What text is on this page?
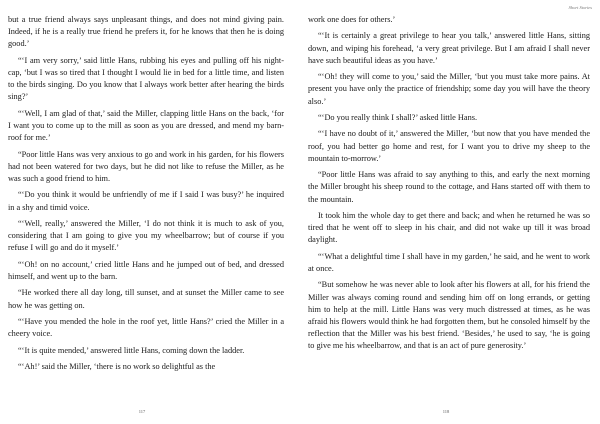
but a true friend always says unpleasant things, and does not mind giving pain. Indeed, if he is a really true friend he prefers it, for he knows that then he is doing good.’

“‘I am very sorry,’ said little Hans, rubbing his eyes and pulling off his night-cap, ‘but I was so tired that I thought I would lie in bed for a little time, and listen to the birds singing. Do you know that I always work better after hearing the birds sing?’

“‘Well, I am glad of that,’ said the Miller, clapping little Hans on the back, ‘for I want you to come up to the mill as soon as you are dressed, and mend my barn-roof for me.’

“Poor little Hans was very anxious to go and work in his garden, for his flowers had not been watered for two days, but he did not like to refuse the Miller, as he was such a good friend to him.

“‘Do you think it would be unfriendly of me if I said I was busy?’ he inquired in a shy and timid voice.

“‘Well, really,’ answered the Miller, ‘I do not think it is much to ask of you, considering that I am going to give you my wheelbarrow; but of course if you refuse I will go and do it myself.’

“‘Oh! on no account,’ cried little Hans and he jumped out of bed, and dressed himself, and went up to the barn.

“He worked there all day long, till sunset, and at sunset the Miller came to see how he was getting on.

“‘Have you mended the hole in the roof yet, little Hans?’ cried the Miller in a cheery voice.

“‘It is quite mended,’ answered little Hans, coming down the ladder.

“‘Ah!’ said the Miller, ‘there is no work so delightful as the

117
Short Stories

work one does for others.’

“‘It is certainly a great privilege to hear you talk,’ answered little Hans, sitting down, and wiping his forehead, ‘a very great privilege. But I am afraid I shall never have such beautiful ideas as you have.’

“‘Oh! they will come to you,’ said the Miller, ‘but you must take more pains. At present you have only the practice of friendship; some day you will have the theory also.’

“‘Do you really think I shall?’ asked little Hans.

“‘I have no doubt of it,’ answered the Miller, ‘but now that you have mended the roof, you had better go home and rest, for I want you to drive my sheep to the mountain to-morrow.’

“Poor little Hans was afraid to say anything to this, and early the next morning the Miller brought his sheep round to the cottage, and Hans started off with them to the mountain.

It took him the whole day to get there and back; and when he returned he was so tired that he went off to sleep in his chair, and did not wake up till it was broad daylight.

“‘What a delightful time I shall have in my garden,’ he said, and he went to work at once.

“But somehow he was never able to look after his flowers at all, for his friend the Miller was always coming round and sending him off on long errands, or getting him to help at the mill. Little Hans was very much distressed at times, as he was afraid his flowers would think he had forgotten them, but he consoled himself by the reflection that the Miller was his best friend. ‘Besides,’ he used to say, ‘he is going to give me his wheelbarrow, and that is an act of pure generosity.’

118
